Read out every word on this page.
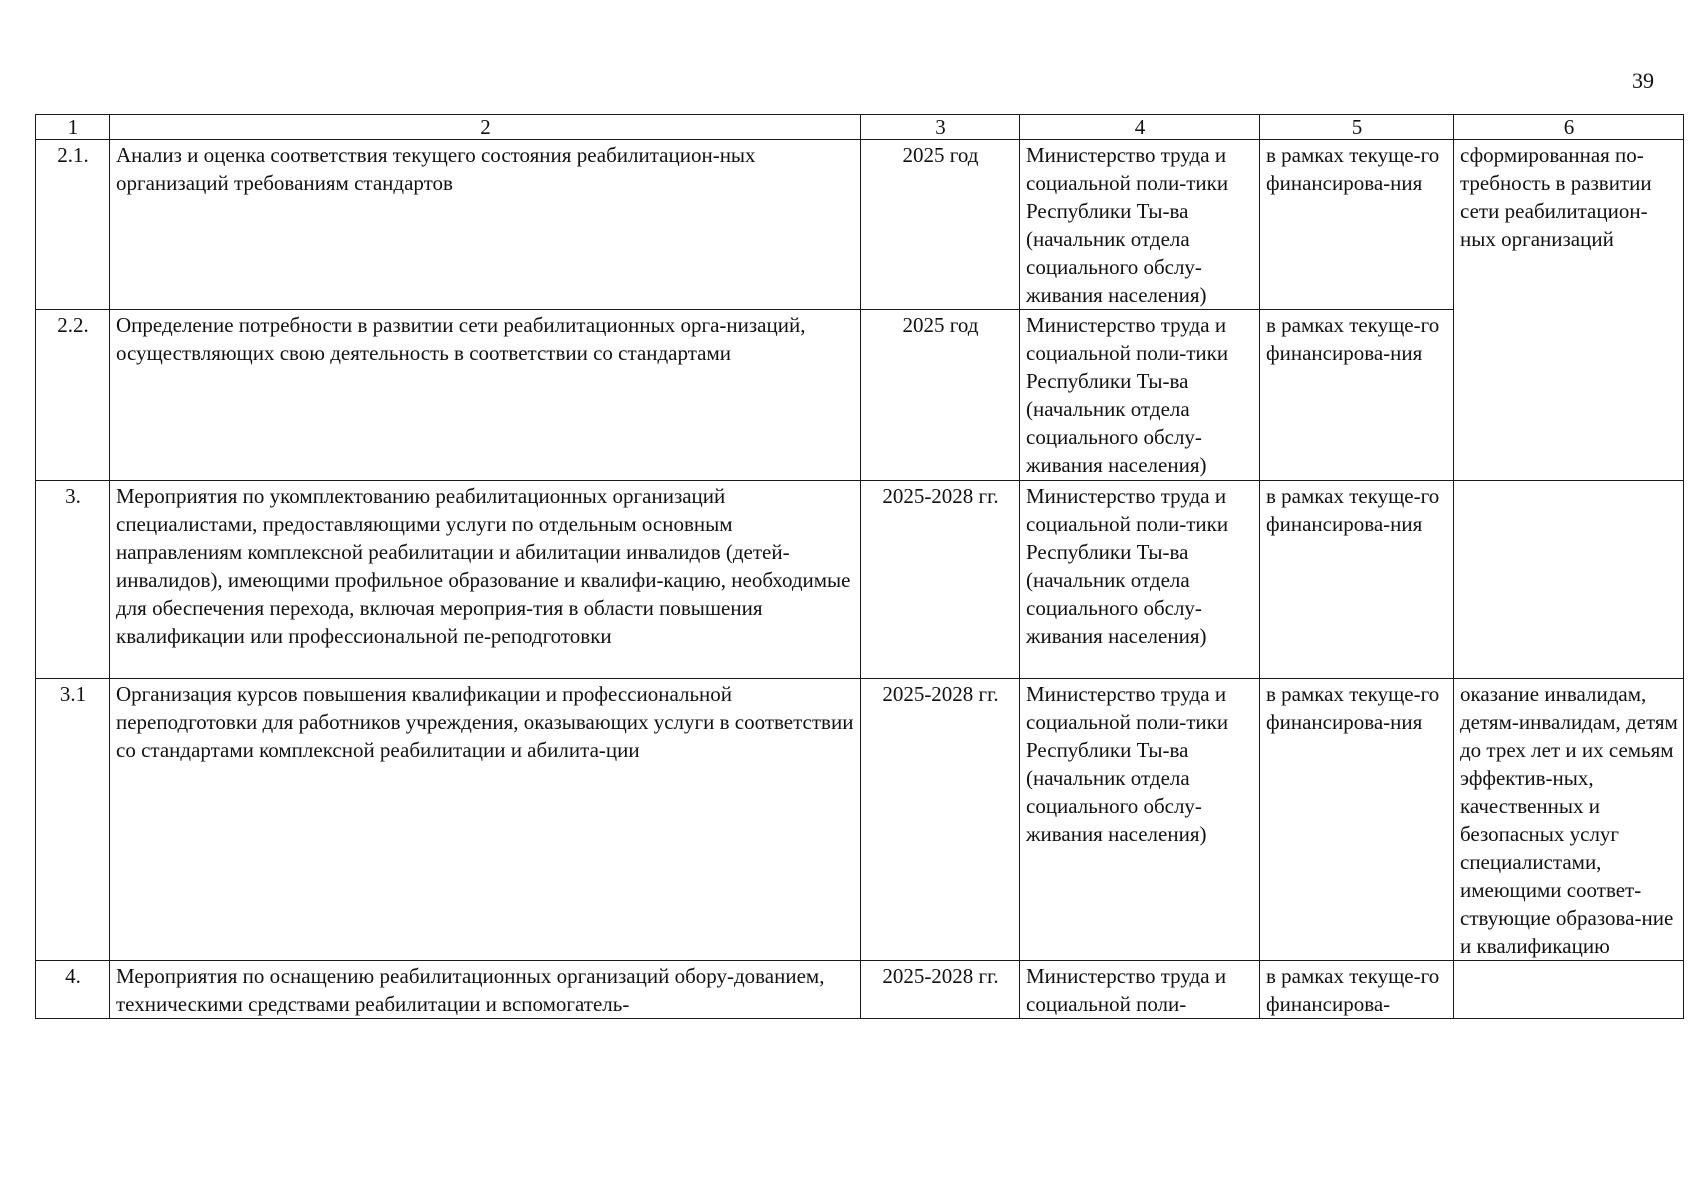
39
1	2	3	4	5	6
2.1.	Анализ и оценка соответствия текущего состояния реабилитацион-ных организаций требованиям стандартов	2025 год	Министерство труда и социальной поли-тики Республики Ты-ва (начальник отдела социального обслу-живания населения)	в рамках текуще-го финансирова-ния	сформированная по-требность в развитии сети реабилитацион-ных организаций
2.2.	Определение потребности в развитии сети реабилитационных орга-низаций, осуществляющих свою деятельность в соответствии со стандартами	2025 год	Министерство труда и социальной поли-тики Республики Ты-ва (начальник отдела социального обслу-живания населения)	в рамках текуще-го финансирова-ния	
3.	Мероприятия по укомплектованию реабилитационных организаций специалистами, предоставляющими услуги по отдельным основным направлениям комплексной реабилитации и абилитации инвалидов (детей-инвалидов), имеющими профильное образование и квалифи-кацию, необходимые для обеспечения перехода, включая мероприя-тия в области повышения квалификации или профессиональной пе-реподготовки	2025-2028 гг.	Министерство труда и социальной поли-тики Республики Ты-ва (начальник отдела социального обслу-живания населения)	в рамках текуще-го финансирова-ния	
3.1	Организация курсов повышения квалификации и профессиональной переподготовки для работников учреждения, оказывающих услуги в соответствии со стандартами комплексной реабилитации и абилита-ции	2025-2028 гг.	Министерство труда и социальной поли-тики Республики Ты-ва (начальник отдела социального обслу-живания населения)	в рамках текуще-го финансирова-ния	оказание инвалидам, детям-инвалидам, детям до трех лет и их семьям эффектив-ных, качественных и безопасных услуг специалистами, имеющими соответ-ствующие образова-ние и квалификацию
4.	Мероприятия по оснащению реабилитационных организаций обору-дованием, техническими средствами реабилитации и вспомогатель-	2025-2028 гг.	Министерство труда и социальной поли-	в рамках текуще-го финансирова-	
